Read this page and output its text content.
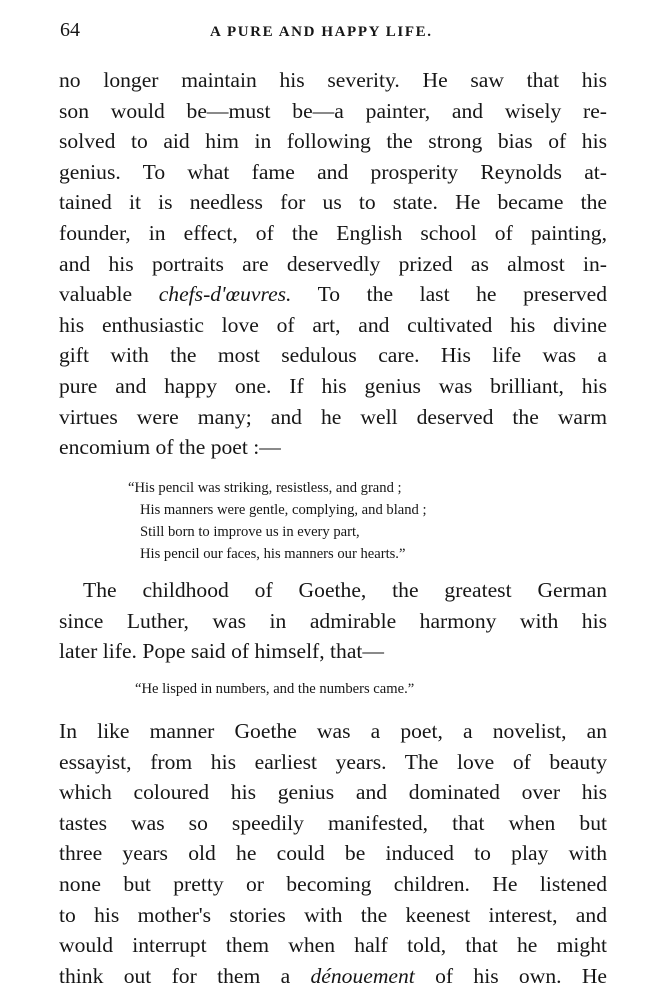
64	A PURE AND HAPPY LIFE.
no longer maintain his severity. He saw that his
son would be—must be—a painter, and wisely re-
solved to aid him in following the strong bias of his
genius. To what fame and prosperity Reynolds at-
tained it is needless for us to state. He became the
founder, in effect, of the English school of painting,
and his portraits are deservedly prized as almost in-
valuable chefs-d'œuvres. To the last he preserved
his enthusiastic love of art, and cultivated his divine
gift with the most sedulous care. His life was a
pure and happy one. If his genius was brilliant, his
virtues were many; and he well deserved the warm
encomium of the poet :—
“His pencil was striking, resistless, and grand ;
His manners were gentle, complying, and bland ;
Still born to improve us in every part,
His pencil our faces, his manners our hearts.”
The childhood of Goethe, the greatest German
since Luther, was in admirable harmony with his
later life. Pope said of himself, that—
“He lisped in numbers, and the numbers came.”
In like manner Goethe was a poet, a novelist, an
essayist, from his earliest years. The love of beauty
which coloured his genius and dominated over his
tastes was so speedily manifested, that when but
three years old he could be induced to play with
none but pretty or becoming children. He listened
to his mother's stories with the keenest interest, and
would interrupt them when half told, that he might
think out for them a dénouement of his own. He
